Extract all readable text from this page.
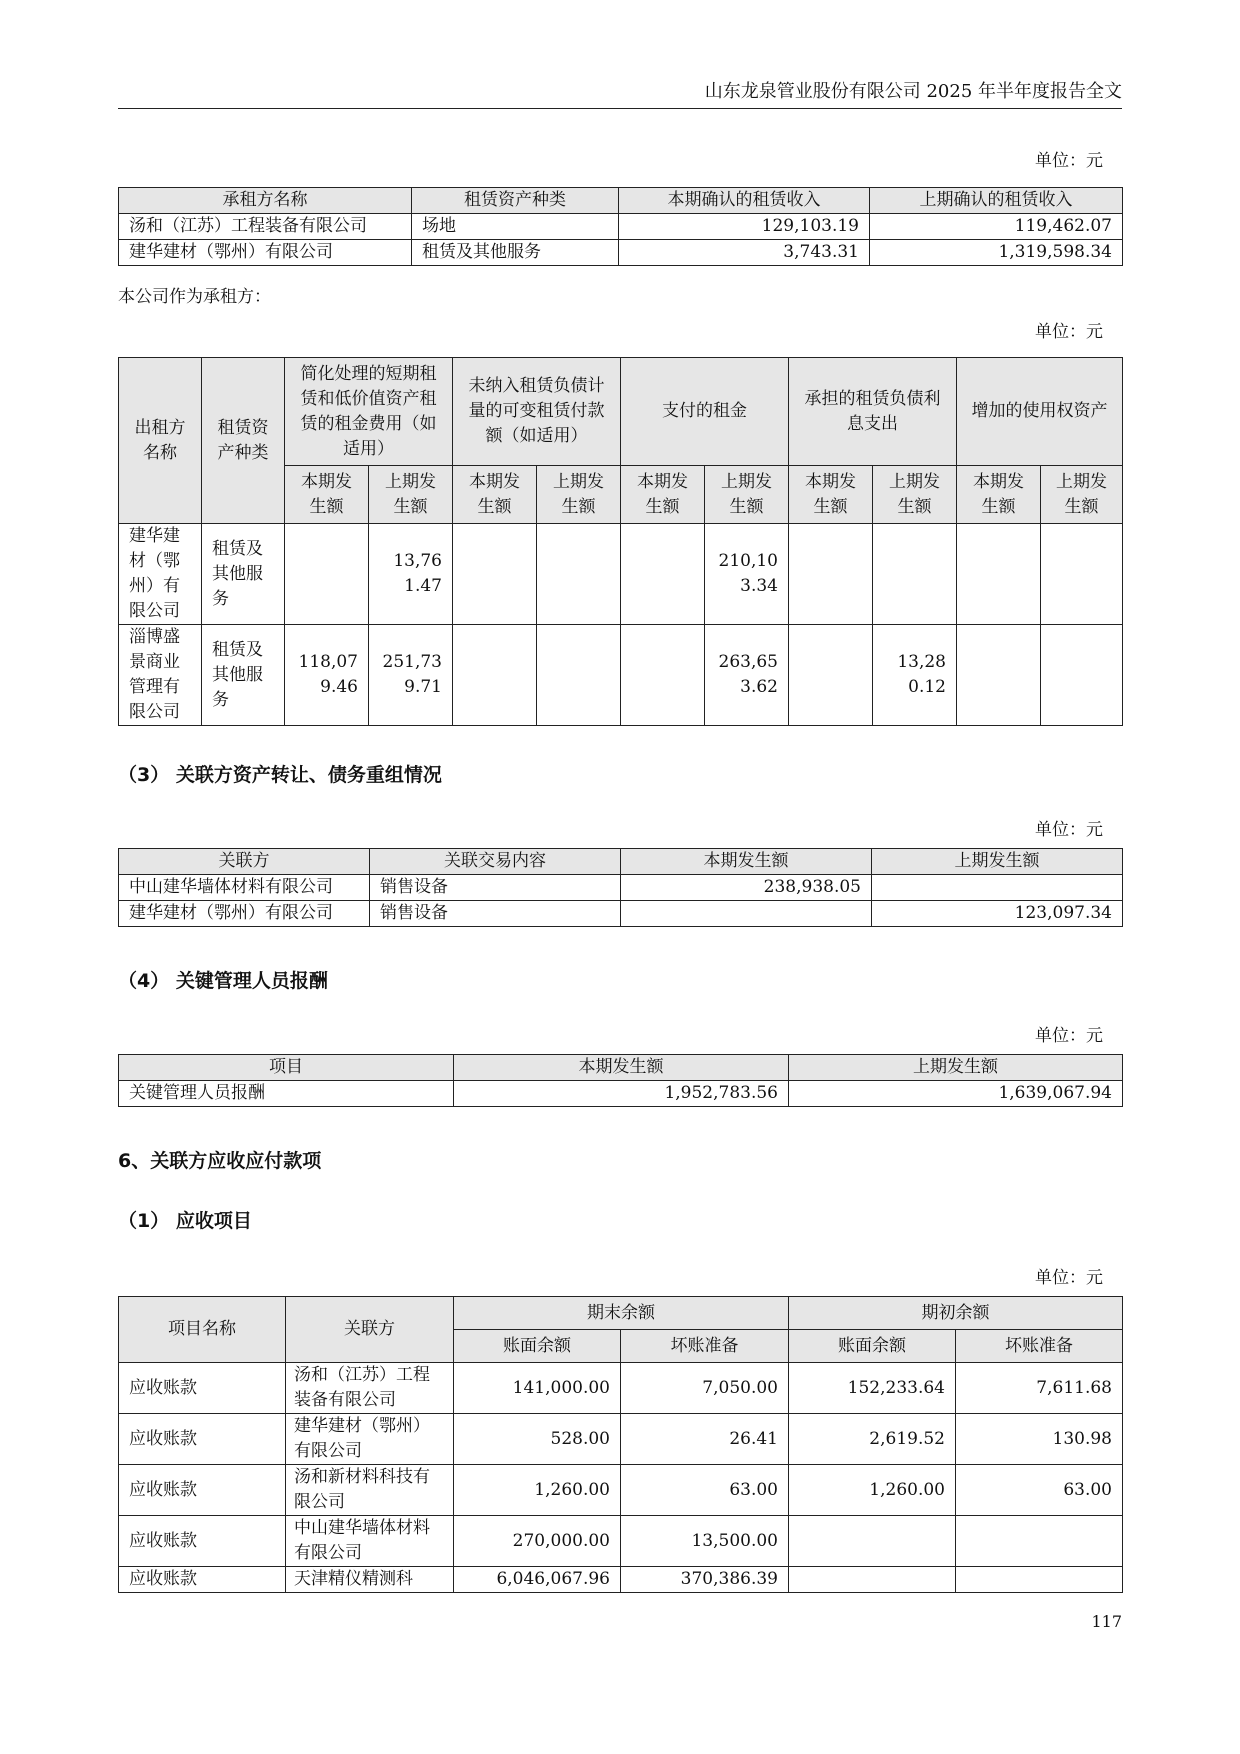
山东龙泉管业股份有限公司 2025 年半年度报告全文
单位：元
承租方名称	租赁资产种类	本期确认的租赁收入	上期确认的租赁收入
汤和（江苏）工程装备有限公司	场地	129,103.19	119,462.07
建华建材（鄂州）有限公司	租赁及其他服务	3,743.31	1,319,598.34
本公司作为承租方：
单位：元
出租方名称	租赁资产种类	简化处理的短期租赁和低价值资产租赁的租金费用（如适用）		未纳入租赁负债计量的可变租赁付款额（如适用）		支付的租金		承担的租赁负债利息支出		增加的使用权资产	
		本期发生额	上期发生额	本期发生额	上期发生额	本期发生额	上期发生额	本期发生额	上期发生额	本期发生额	上期发生额
建华建材（鄂州）有限公司	租赁及其他服务		13,761.47				210,103.34				
淄博盛景商业管理有限公司	租赁及其他服务	118,079.46	251,739.71				263,653.62		13,280.12		
（3） 关联方资产转让、债务重组情况
单位：元
关联方	关联交易内容	本期发生额	上期发生额
中山建华墙体材料有限公司	销售设备	238,938.05	
建华建材（鄂州）有限公司	销售设备		123,097.34
（4） 关键管理人员报酬
单位：元
项目	本期发生额	上期发生额
关键管理人员报酬	1,952,783.56	1,639,067.94
6、关联方应收应付款项
（1） 应收项目
单位：元
项目名称	关联方	期末余额		期初余额	
		账面余额	坏账准备	账面余额	坏账准备
应收账款	汤和（江苏）工程装备有限公司	141,000.00	7,050.00	152,233.64	7,611.68
应收账款	建华建材（鄂州）有限公司	528.00	26.41	2,619.52	130.98
应收账款	汤和新材料科技有限公司	1,260.00	63.00	1,260.00	63.00
应收账款	中山建华墙体材料有限公司	270,000.00	13,500.00		
应收账款	天津精仪精测科	6,046,067.96	370,386.39		
117
